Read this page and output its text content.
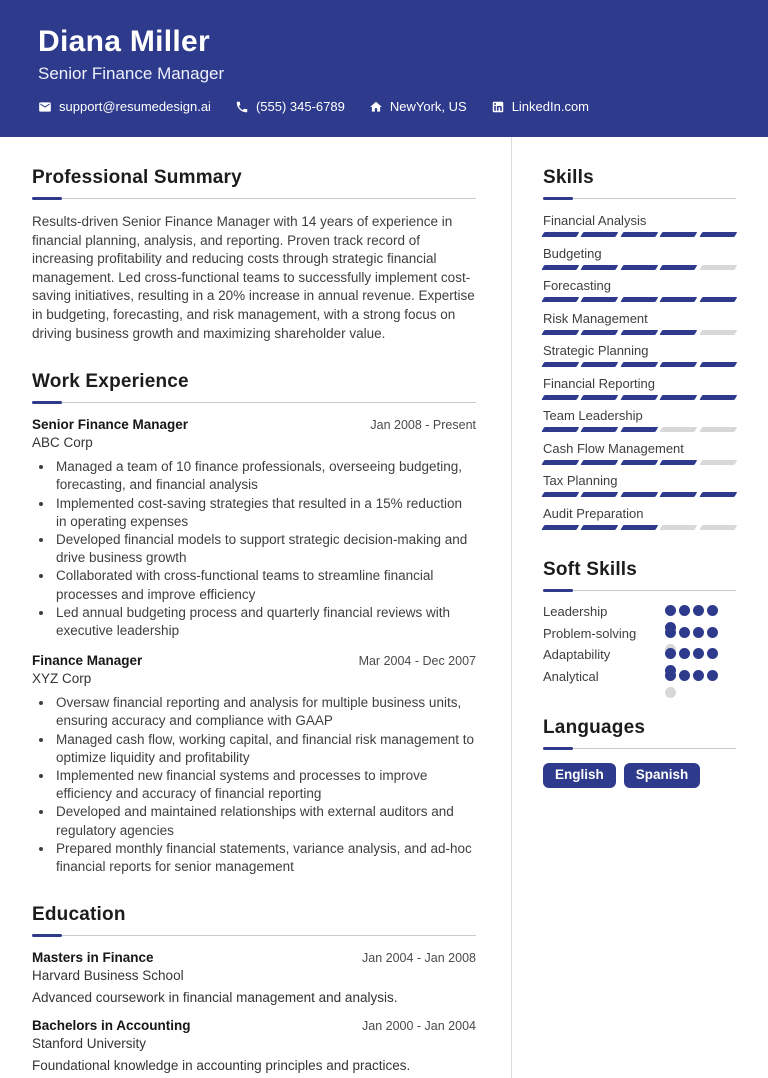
Diana Miller
Senior Finance Manager
support@resumedesign.ai	(555) 345-6789	NewYork, US	LinkedIn.com
Professional Summary
Results-driven Senior Finance Manager with 14 years of experience in financial planning, analysis, and reporting. Proven track record of increasing profitability and reducing costs through strategic financial management. Led cross-functional teams to successfully implement cost-saving initiatives, resulting in a 20% increase in annual revenue. Expertise in budgeting, forecasting, and risk management, with a strong focus on driving business growth and maximizing shareholder value.
Work Experience
Senior Finance Manager	Jan 2008 - Present
ABC Corp
• Managed a team of 10 finance professionals, overseeing budgeting, forecasting, and financial analysis
• Implemented cost-saving strategies that resulted in a 15% reduction in operating expenses
• Developed financial models to support strategic decision-making and drive business growth
• Collaborated with cross-functional teams to streamline financial processes and improve efficiency
• Led annual budgeting process and quarterly financial reviews with executive leadership
Finance Manager	Mar 2004 - Dec 2007
XYZ Corp
• Oversaw financial reporting and analysis for multiple business units, ensuring accuracy and compliance with GAAP
• Managed cash flow, working capital, and financial risk management to optimize liquidity and profitability
• Implemented new financial systems and processes to improve efficiency and accuracy of financial reporting
• Developed and maintained relationships with external auditors and regulatory agencies
• Prepared monthly financial statements, variance analysis, and ad-hoc financial reports for senior management
Education
Masters in Finance	Jan 2004 - Jan 2008
Harvard Business School
Advanced coursework in financial management and analysis.
Bachelors in Accounting	Jan 2000 - Jan 2004
Stanford University
Foundational knowledge in accounting principles and practices.
Skills
Financial Analysis
Budgeting
Forecasting
Risk Management
Strategic Planning
Financial Reporting
Team Leadership
Cash Flow Management
Tax Planning
Audit Preparation
Soft Skills
Leadership
Problem-solving
Adaptability
Analytical
Languages
English Spanish
